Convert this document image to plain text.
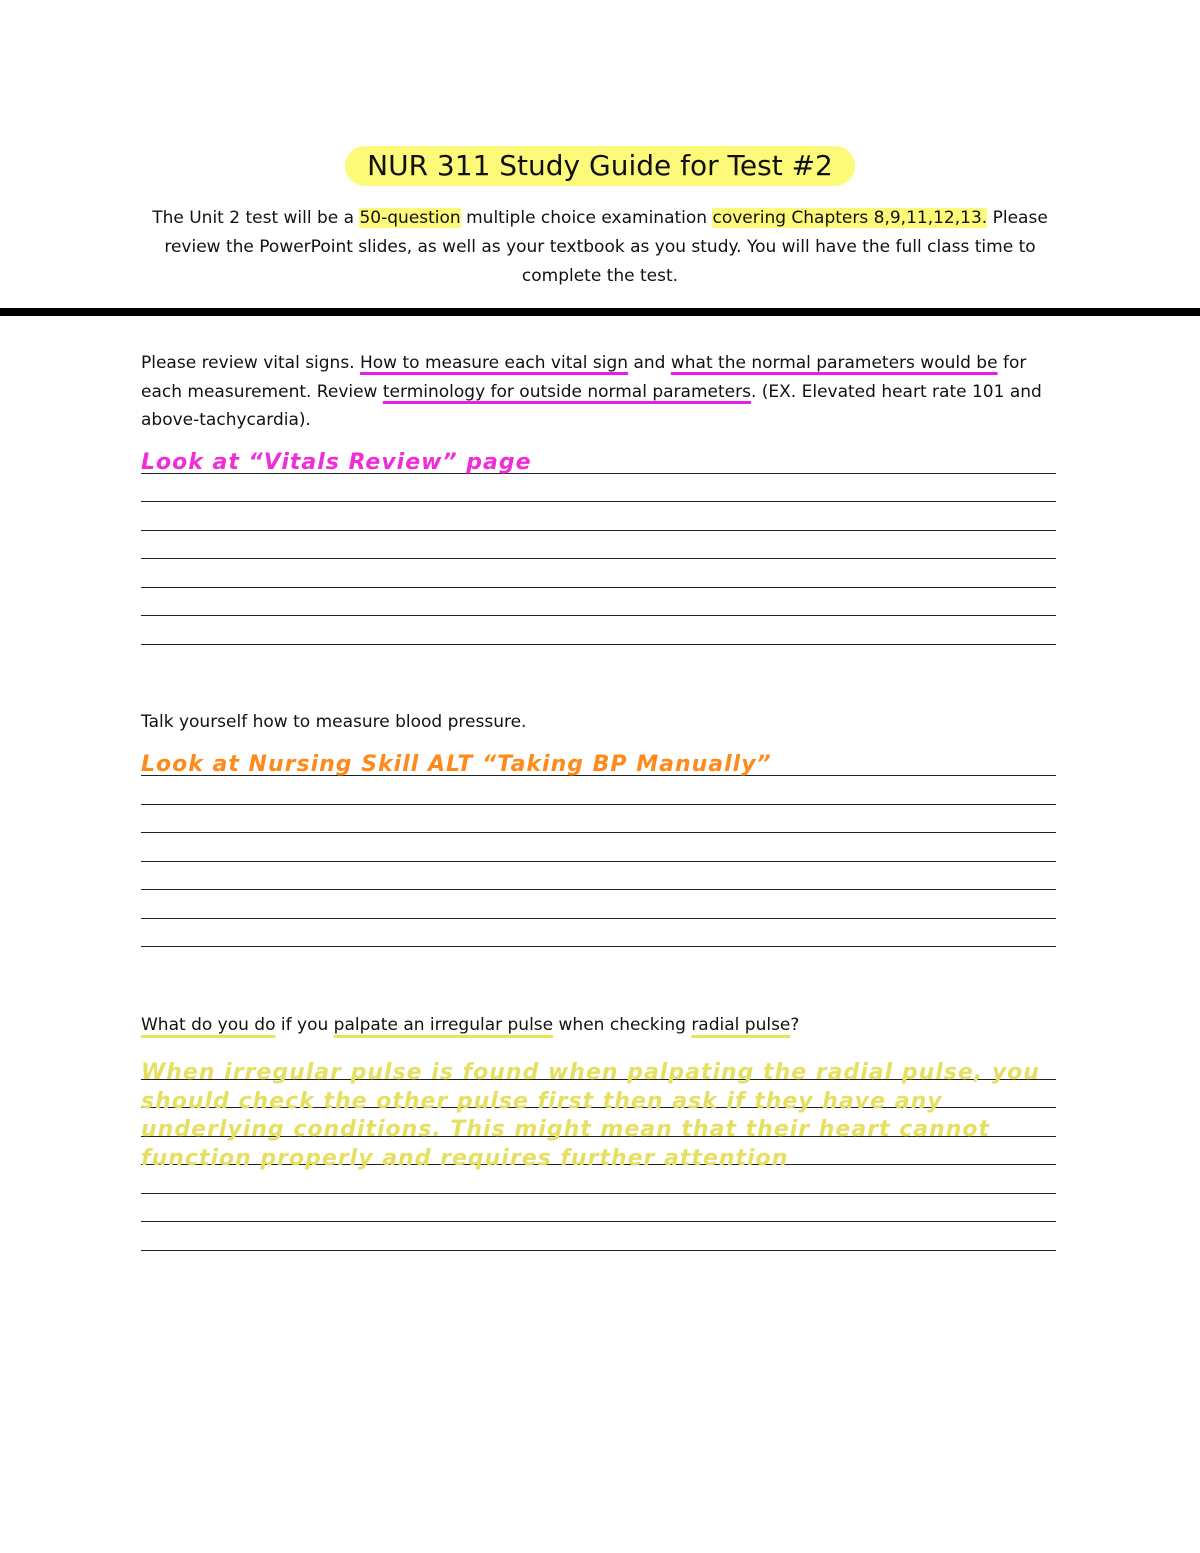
NUR 311 Study Guide for Test #2
The Unit 2 test will be a 50-question multiple choice examination covering Chapters 8,9,11,12,13. Please review the PowerPoint slides, as well as your textbook as you study. You will have the full class time to complete the test.
Please review vital signs. How to measure each vital sign and what the normal parameters would be for each measurement. Review terminology for outside normal parameters. (EX. Elevated heart rate 101 and above-tachycardia).
Look at “Vitals Review” page
Talk yourself how to measure blood pressure.
Look at Nursing Skill ALT “Taking BP Manually”
What do you do if you palpate an irregular pulse when checking radial pulse?
When irregular pulse is found when palpating the radial pulse, you should check the other pulse first then ask if they have any underlying conditions. This might mean that their heart cannot function properly and requires further attention
